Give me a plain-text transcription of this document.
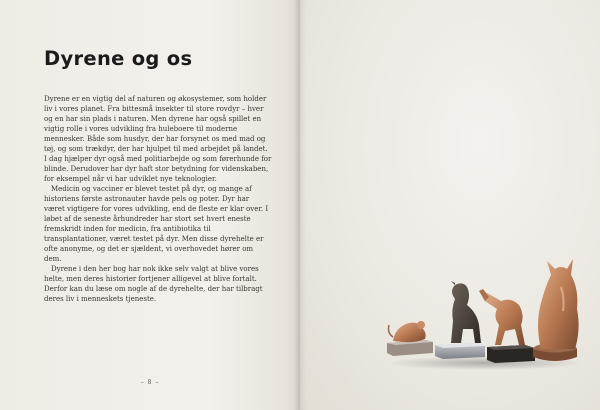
Dyrene og os

Dyrene er en vigtig del af naturen og økosystemer, som holder liv i vores planet. Fra bittesmå insekter til store rovdyr – hver og en har sin plads i naturen. Men dyrene har også spillet en vigtig rolle i vores udvikling fra huleboere til moderne mennesker. Både som husdyr, der har forsynet os med mad og tøj, og som trækdyr, der har hjulpet til med arbejdet på landet. I dag hjælper dyr også med politiarbejde og som førerhunde for blinde. Derudover har dyr haft stor betydning for videnskaben, for eksempel når vi har udviklet nye teknologier.

Medicin og vacciner er blevet testet på dyr, og mange af historiens første astronauter havde pels og poter. Dyr har været vigtigere for vores udvikling, end de fleste er klar over. I løbet af de seneste århundreder har stort set hvert eneste fremskridt inden for medicin, fra antibiotika til transplantationer, været testet på dyr. Men disse dyrehelte er ofte anonyme, og det er sjældent, vi overhovedet hører om dem.

Dyrene i den her bog har nok ikke selv valgt at blive vores helte, men deres historier fortjener alligevel at blive fortalt. Derfor kan du læse om nogle af de dyrehelte, der har tilbragt deres liv i menneskets tjeneste.

– 8 –
